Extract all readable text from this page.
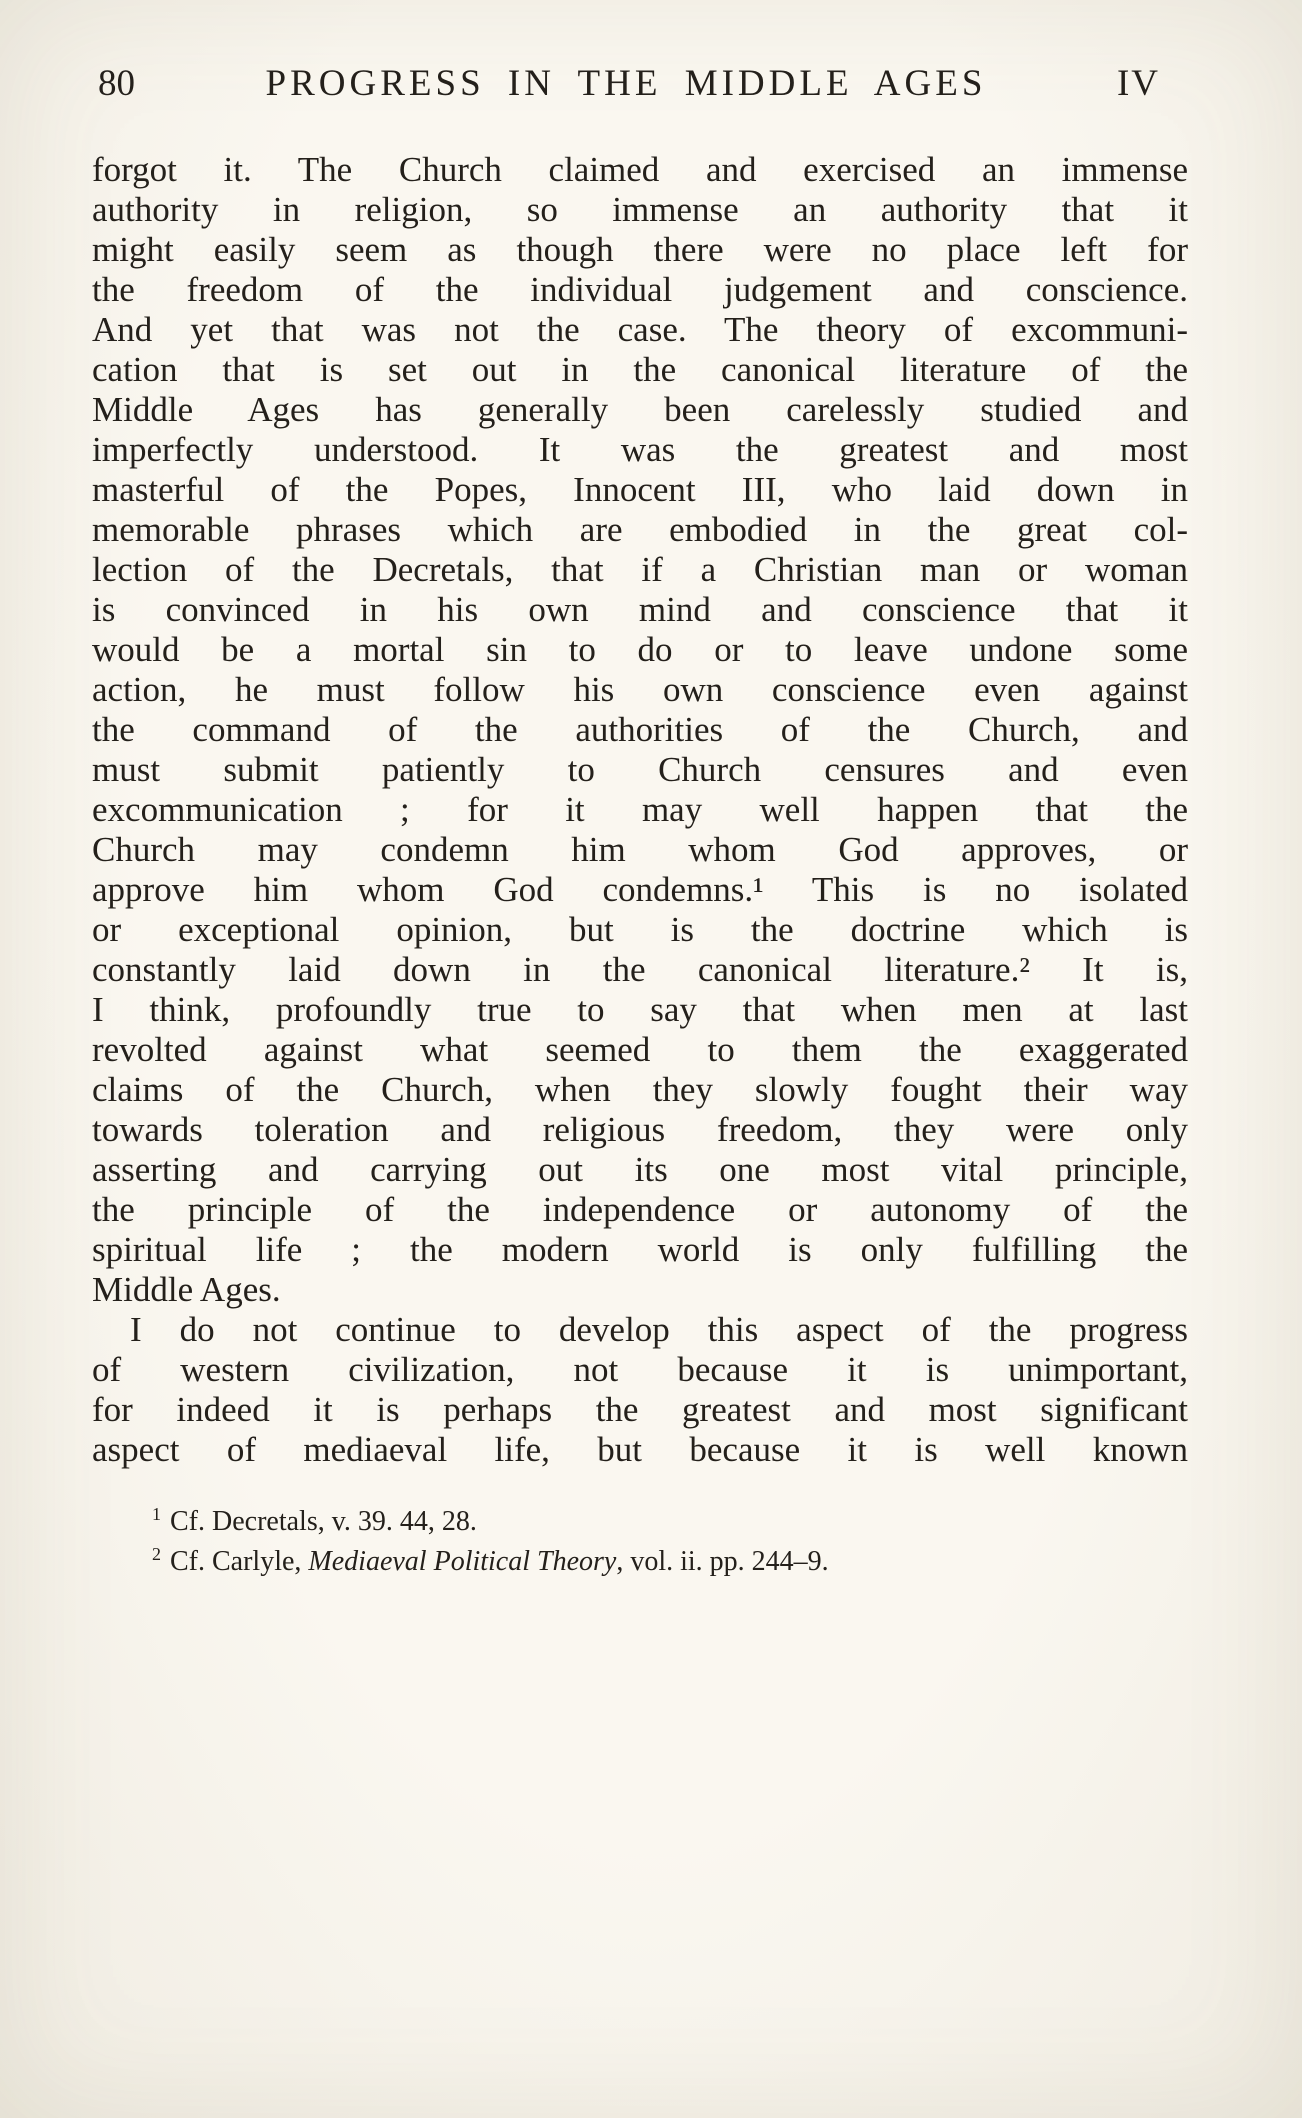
80	PROGRESS IN THE MIDDLE AGES	IV
forgot it. The Church claimed and exercised an immense
authority in religion, so immense an authority that it
might easily seem as though there were no place left for
the freedom of the individual judgement and conscience.
And yet that was not the case. The theory of excommuni-
cation that is set out in the canonical literature of the
Middle Ages has generally been carelessly studied and
imperfectly understood. It was the greatest and most
masterful of the Popes, Innocent III, who laid down in
memorable phrases which are embodied in the great col-
lection of the Decretals, that if a Christian man or woman
is convinced in his own mind and conscience that it
would be a mortal sin to do or to leave undone some
action, he must follow his own conscience even against
the command of the authorities of the Church, and
must submit patiently to Church censures and even
excommunication ; for it may well happen that the
Church may condemn him whom God approves, or
approve him whom God condemns.¹ This is no isolated
or exceptional opinion, but is the doctrine which is
constantly laid down in the canonical literature.² It is,
I think, profoundly true to say that when men at last
revolted against what seemed to them the exaggerated
claims of the Church, when they slowly fought their way
towards toleration and religious freedom, they were only
asserting and carrying out its one most vital principle,
the principle of the independence or autonomy of the
spiritual life ; the modern world is only fulfilling the
Middle Ages.
I do not continue to develop this aspect of the progress
of western civilization, not because it is unimportant,
for indeed it is perhaps the greatest and most significant
aspect of mediaeval life, but because it is well known
$^1$ Cf. Decretals, v. 39. 44, 28.
$^2$ Cf. Carlyle, Mediaeval Political Theory, vol. ii. pp. 244–9.
